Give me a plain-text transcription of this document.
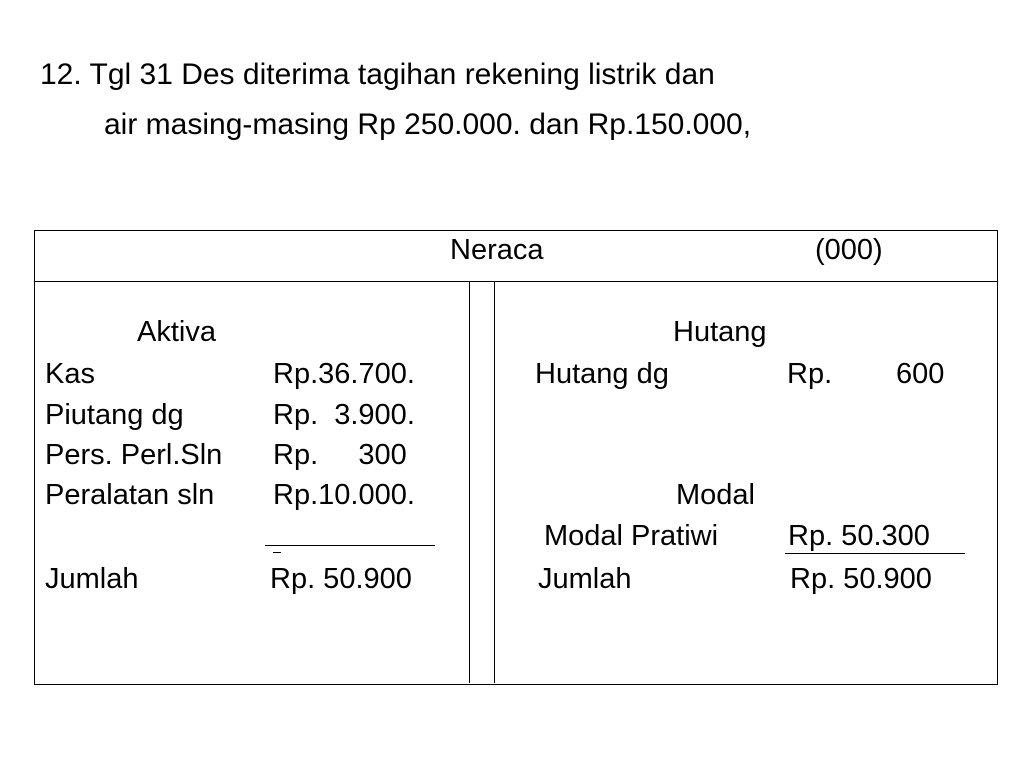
12. Tgl 31 Des diterima tagihan rekening listrik dan
air masing-masing Rp 250.000. dan Rp.150.000,
Neraca	(000)
Aktiva
Kas	Rp.36.700.
Piutang dg	Rp.  3.900.
Pers. Perl.Sln Rp.     300
Peralatan sln Rp.10.000.
Jumlah	Rp. 50.900
Hutang
Hutang dg	Rp. 600
Modal
Modal Pratiwi Rp. 50.300
Jumlah	Rp. 50.900
